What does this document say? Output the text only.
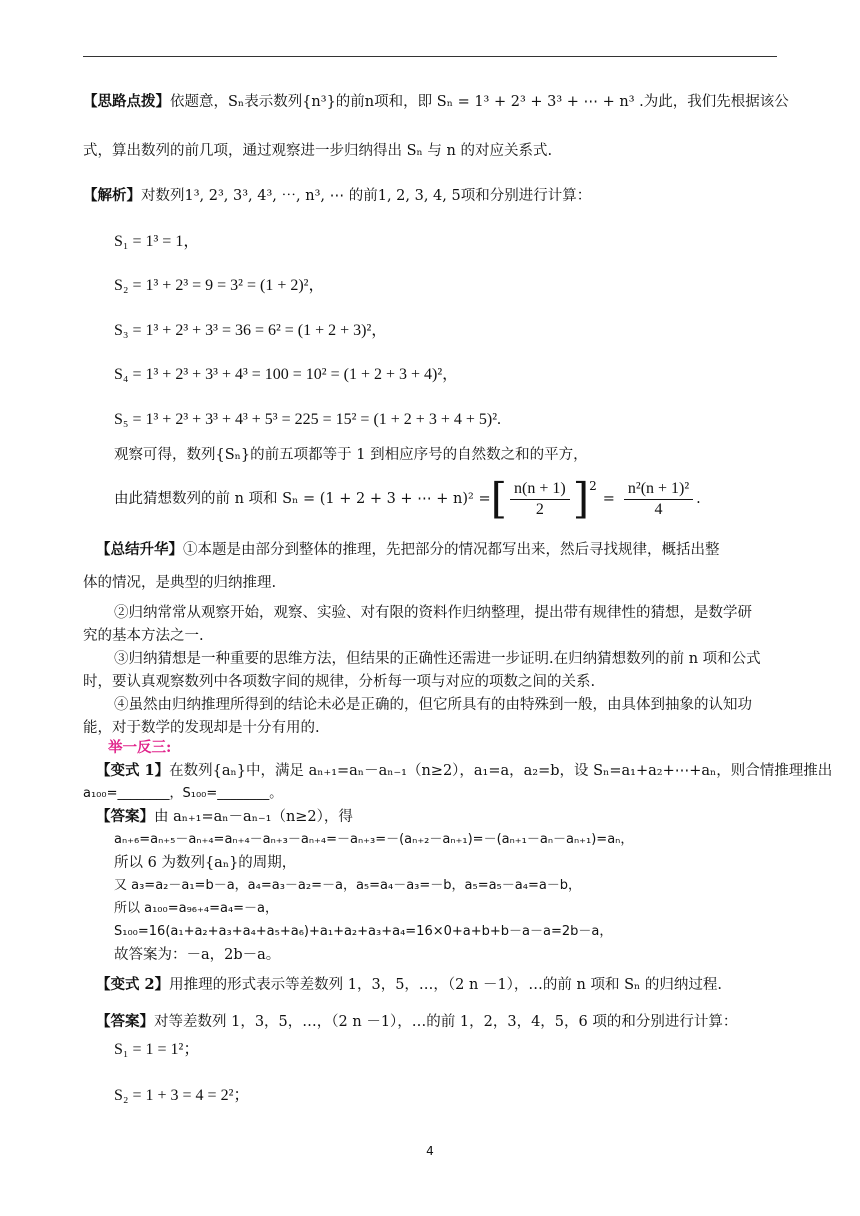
【思路点拨】依题意，Sₙ表示数列{n³}的前n项和，即 Sₙ = 1³ + 2³ + 3³ + ⋯ + n³ .为此，我们先根据该公
式，算出数列的前几项，通过观察进一步归纳得出 Sₙ 与 n 的对应关系式.
【解析】对数列1³, 2³, 3³, 4³, ⋯, n³, ⋯ 的前1, 2, 3, 4, 5项和分别进行计算：
S₁ = 1³ = 1，
S₂ = 1³ + 2³ = 9 = 3² = (1 + 2)²，
S₃ = 1³ + 2³ + 3³ = 36 = 6² = (1 + 2 + 3)²，
S₄ = 1³ + 2³ + 3³ + 4³ = 100 = 10² = (1 + 2 + 3 + 4)²，
S₅ = 1³ + 2³ + 3³ + 4³ + 5³ = 225 = 15² = (1 + 2 + 3 + 4 + 5)².
观察可得，数列{Sₙ}的前五项都等于 1 到相应序号的自然数之和的平方，
由此猜想数列的前 n 项和 Sₙ = (1 + 2 + 3 + ⋯ + n)² = [ $\frac{n(n + 1)}{2} ]^2$
= $\frac{\text{n²(n + 1)²}}{4}$ .
【总结升华】①本题是由部分到整体的推理，先把部分的情况都写出来，然后寻找规律，概括出整
体的情况，是典型的归纳推理.
②归纳常常从观察开始，观察、实验、对有限的资料作归纳整理，提出带有规律性的猜想，是数学研
究的基本方法之一.
③归纳猜想是一种重要的思维方法，但结果的正确性还需进一步证明.在归纳猜想数列的前 n 项和公式
时，要认真观察数列中各项数字间的规律，分析每一项与对应的项数之间的关系.
④虽然由归纳推理所得到的结论未必是正确的，但它所具有的由特殊到一般，由具体到抽象的认知功
能，对于数学的发现却是十分有用的.
举一反三:
【变式 1】在数列{aₙ}中，满足 aₙ₊₁=aₙ－aₙ₋₁（n≥2），a₁=a，a₂=b，设 Sₙ=a₁+a₂+⋯+aₙ，则合情推理推出
a₁₀₀=________，S₁₀₀=________。
【答案】由 aₙ₊₁=aₙ－aₙ₋₁（n≥2），得
aₙ₊₆=aₙ₊₅－aₙ₊₄=aₙ₊₄－aₙ₊₃－aₙ₊₄=－aₙ₊₃=－(aₙ₊₂－aₙ₊₁)=－(aₙ₊₁－aₙ－aₙ₊₁)=aₙ，
所以 6 为数列{aₙ}的周期，
又 a₃=a₂－a₁=b－a，a₄=a₃－a₂=－a，a₅=a₄－a₃=－b，a₅=a₅－a₄=a－b，
所以 a₁₀₀=a₉₆₊₄=a₄=－a，
S₁₀₀=16(a₁+a₂+a₃+a₄+a₅+a₆)+a₁+a₂+a₃+a₄=16×0+a+b+b－a－a=2b－a，
故答案为：－a，2b－a。
【变式 2】用推理的形式表示等差数列 1，3，5，…，（2 n －1），…的前 n 项和 Sₙ 的归纳过程.
【答案】对等差数列 1，3，5，…，（2 n －1），…的前 1，2，3，4，5，6 项的和分别进行计算：
S₁ = 1 = 1²；
S₂ = 1 + 3 = 4 = 2²；
4
